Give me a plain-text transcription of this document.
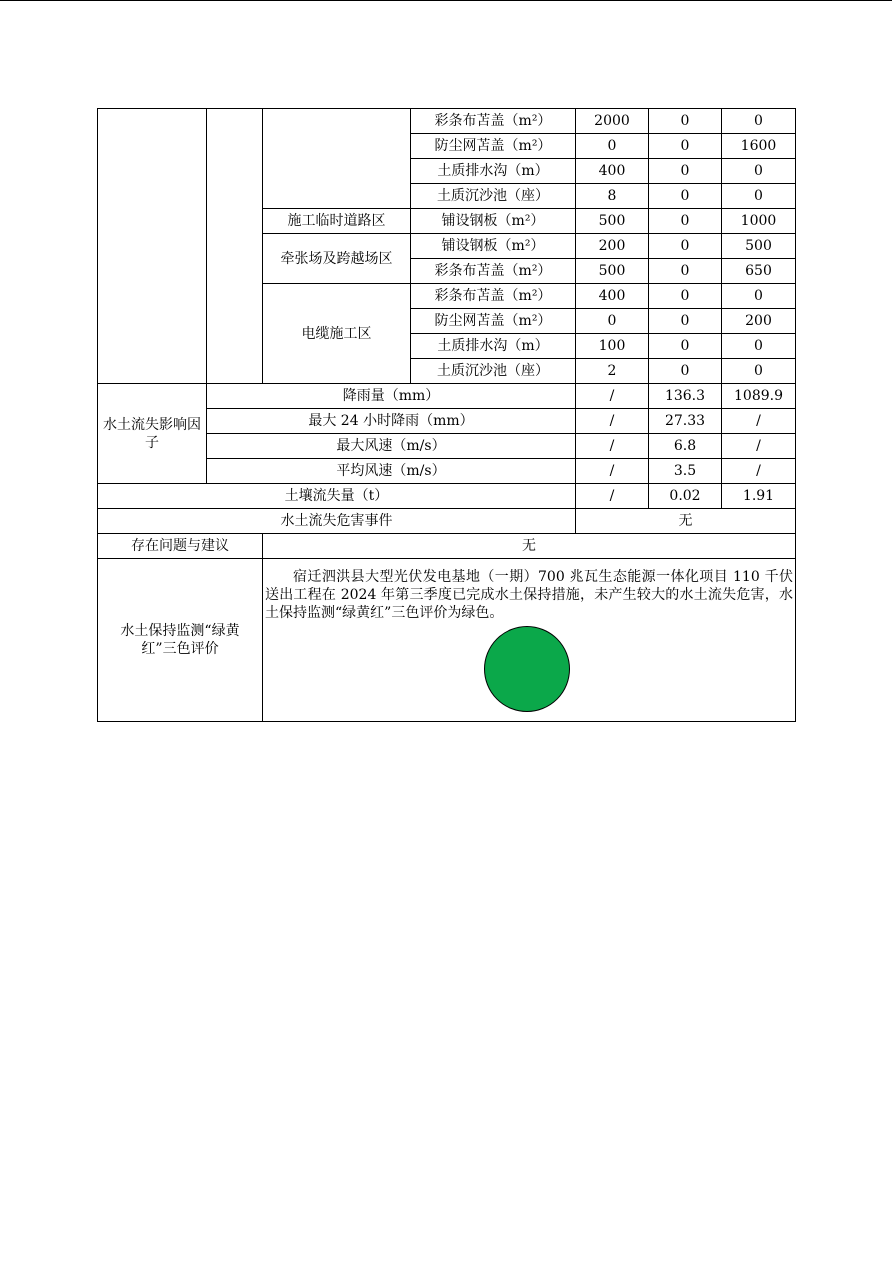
			彩条布苫盖（m²）	2000	0	0
			防尘网苫盖（m²）	0	0	1600
			土质排水沟（m）	400	0	0
			土质沉沙池（座）	8	0	0
		施工临时道路区	铺设钢板（m²）	500	0	1000
		牵张场及跨越场区	铺设钢板（m²）	200	0	500
			彩条布苫盖（m²）	500	0	650
		电缆施工区	彩条布苫盖（m²）	400	0	0
			防尘网苫盖（m²）	0	0	200
			土质排水沟（m）	100	0	0
			土质沉沙池（座）	2	0	0
水土流失影响因子	降雨量（mm）			/	136.3	1089.9
	最大 24 小时降雨（mm）			/	27.33	/
	最大风速（m/s）			/	6.8	/
	平均风速（m/s）			/	3.5	/
土壤流失量（t）				/	0.02	1.91
水土流失危害事件				无		
存在问题与建议		无				
水土保持监测“绿黄红”三色评价		宿迁泗洪县大型光伏发电基地（一期）700 兆瓦生态能源一体化项目 110 千伏送出工程在 2024 年第三季度已完成水土保持措施，未产生较大的水土流失危害，水土保持监测“绿黄红”三色评价为绿色。				
